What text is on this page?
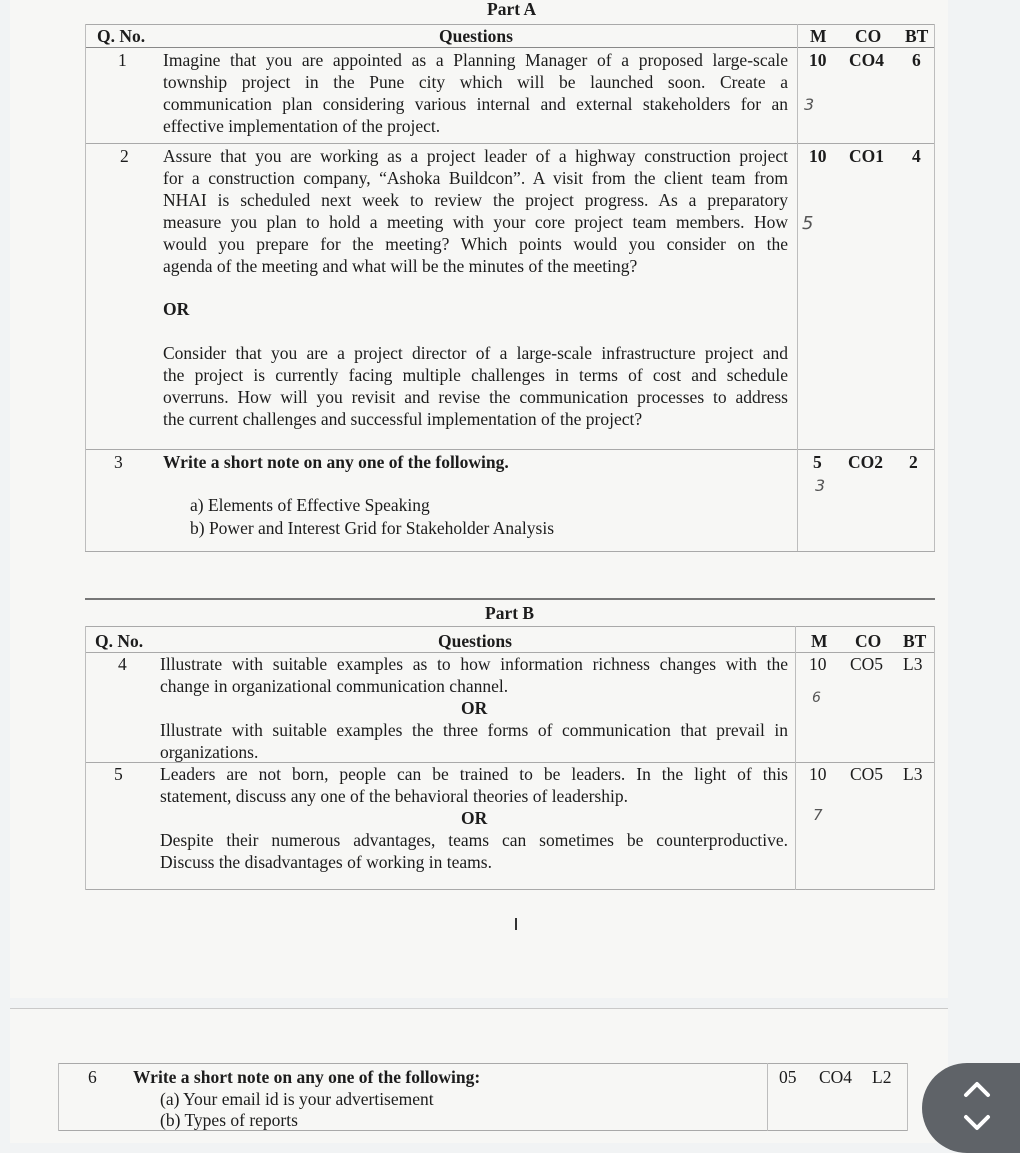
Part A
Q. No.	Questions	M CO BT
1 Imagine that you are appointed as a Planning Manager of a proposed large-scale
township project in the Pune city which will be launched soon. Create a
communication plan considering various internal and external stakeholders for an
effective implementation of the project.
10 CO4 6
3
2 Assure that you are working as a project leader of a highway construction project
for a construction company, “Ashoka Buildcon”. A visit from the client team from
NHAI is scheduled next week to review the project progress. As a preparatory
measure you plan to hold a meeting with your core project team members. How
would you prepare for the meeting? Which points would you consider on the
agenda of the meeting and what will be the minutes of the meeting?
OR
Consider that you are a project director of a large-scale infrastructure project and
the project is currently facing multiple challenges in terms of cost and schedule
overruns. How will you revisit and revise the communication processes to address
the current challenges and successful implementation of the project?
10 CO1 4
5
3 Write a short note on any one of the following.
a) Elements of Effective Speaking
b) Power and Interest Grid for Stakeholder Analysis
5 CO2 2
3
Part B
Q. No.	Questions	M CO BT
4 Illustrate with suitable examples as to how information richness changes with the
change in organizational communication channel.
OR
Illustrate with suitable examples the three forms of communication that prevail in
organizations.
10 CO5 L3
6
5 Leaders are not born, people can be trained to be leaders. In the light of this
statement, discuss any one of the behavioral theories of leadership.
OR
Despite their numerous advantages, teams can sometimes be counterproductive.
Discuss the disadvantages of working in teams.
10 CO5 L3
7
6 Write a short note on any one of the following:
(a) Your email id is your advertisement
(b) Types of reports
05 CO4 L2
